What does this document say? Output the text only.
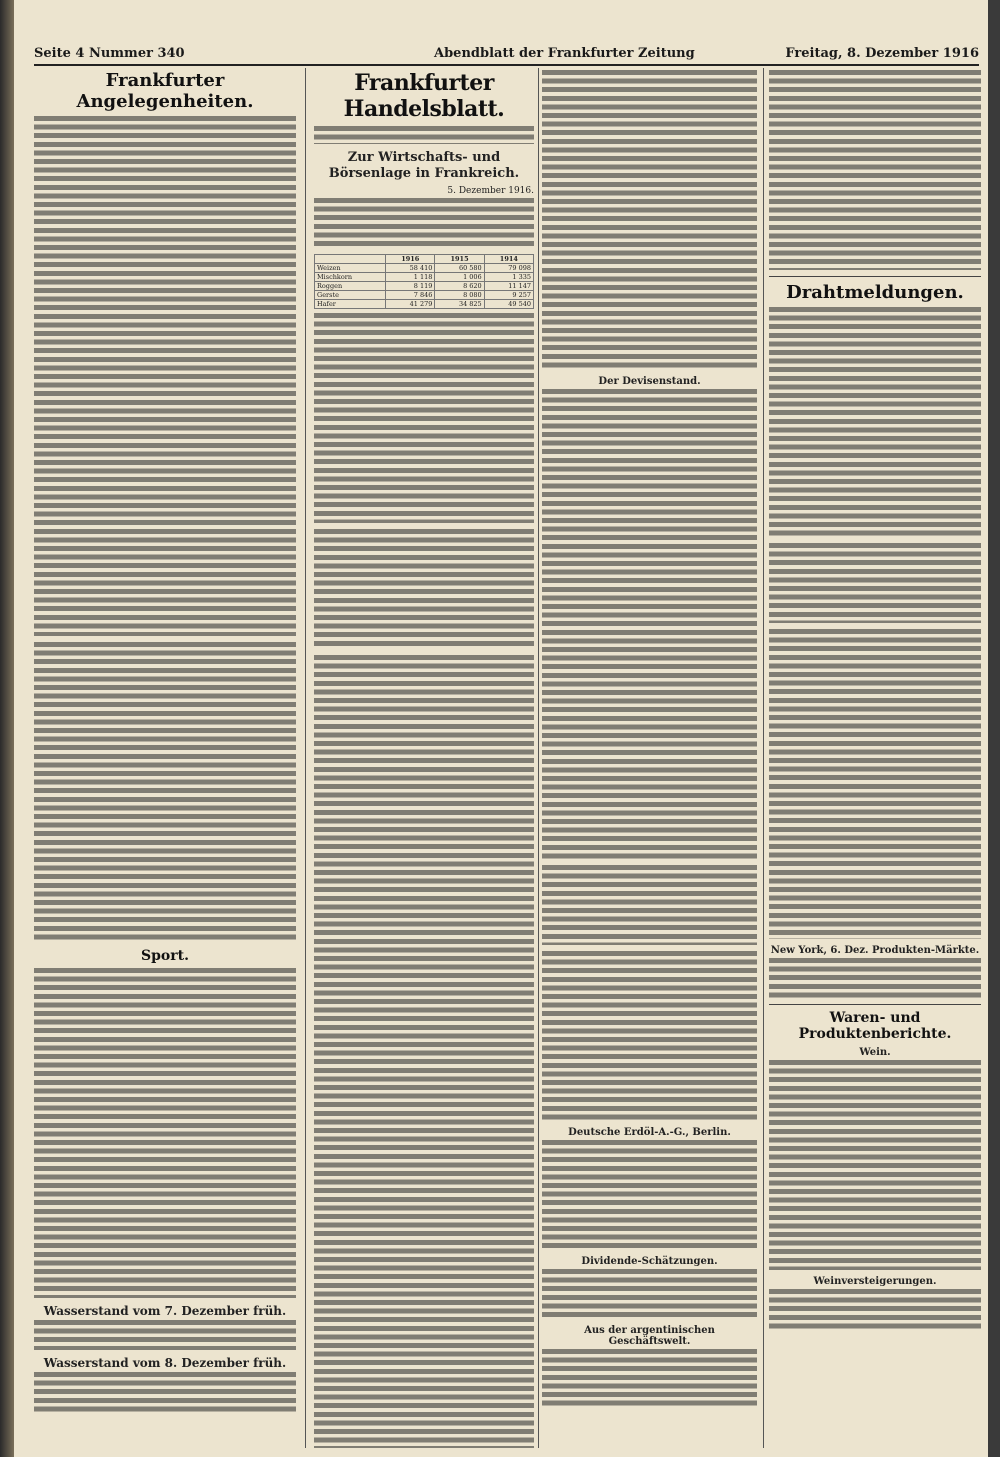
Seite 4 Nummer 340	Abendblatt der Frankfurter Zeitung	Freitag, 8. Dezember 1916
Frankfurter Angelegenheiten.
Sport.
Wasserstand vom 7. Dezember früh.
Wasserstand vom 8. Dezember früh.
Frankfurter Handelsblatt.
Zur Wirtschafts- und Börsenlage in Frankreich.
5. Dezember 1916.
	1916	1915	1914
Weizen	58 410	60 580	79 098
Mischkorn	1 118	1 006	1 335
Roggen	8 119	8 620	11 147
Gerste	7 846	8 080	9 257
Hafer	41 279	34 825	49 540
Der Devisenstand.
Deutsche Erdöl-A.-G., Berlin.
Dividende-Schätzungen.
Aus der argentinischen Geschäftswelt.
Drahtmeldungen.
New York, 6. Dez. Produkten-Märkte.
Waren- und Produktenberichte.
Wein.
Weinversteigerungen.
